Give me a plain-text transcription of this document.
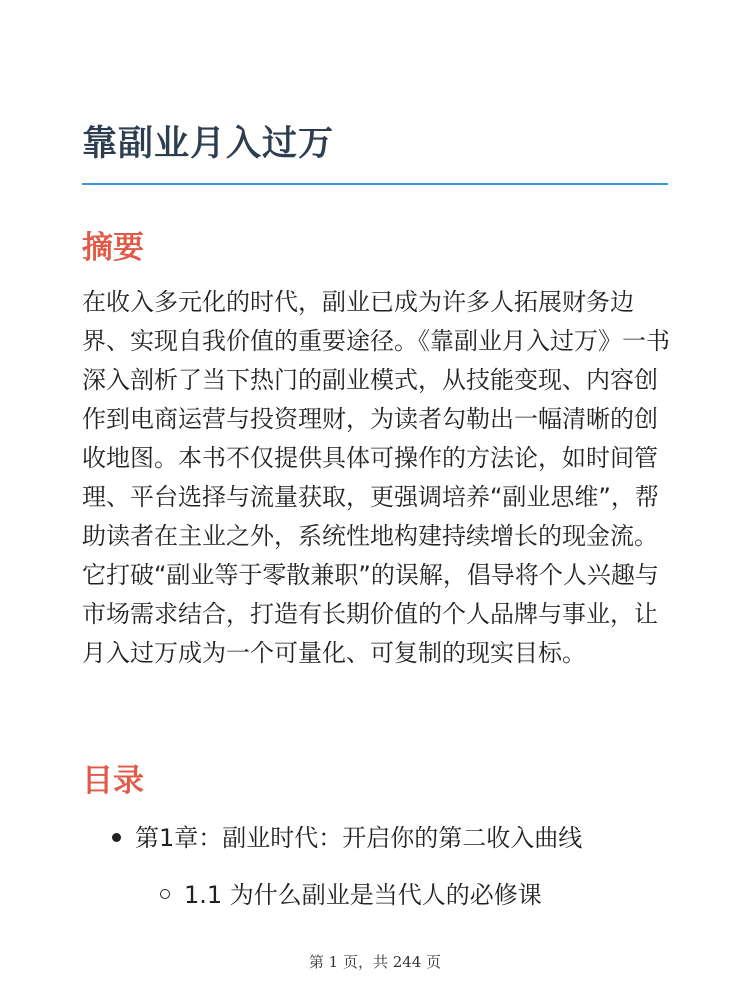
靠副业月入过万
摘要

在收入多元化的时代，副业已成为许多人拓展财务边界、实现自我价值的重要途径。《靠副业月入过万》一书深入剖析了当下热门的副业模式，从技能变现、内容创作到电商运营与投资理财，为读者勾勒出一幅清晰的创收地图。本书不仅提供具体可操作的方法论，如时间管理、平台选择与流量获取，更强调培养“副业思维”，帮助读者在主业之外，系统性地构建持续增长的现金流。它打破“副业等于零散兼职”的误解，倡导将个人兴趣与市场需求结合，打造有长期价值的个人品牌与事业，让月入过万成为一个可量化、可复制的现实目标。

目录
第1章：副业时代：开启你的第二收入曲线
1.1 为什么副业是当代人的必修课
第 1 页，共 244 页
